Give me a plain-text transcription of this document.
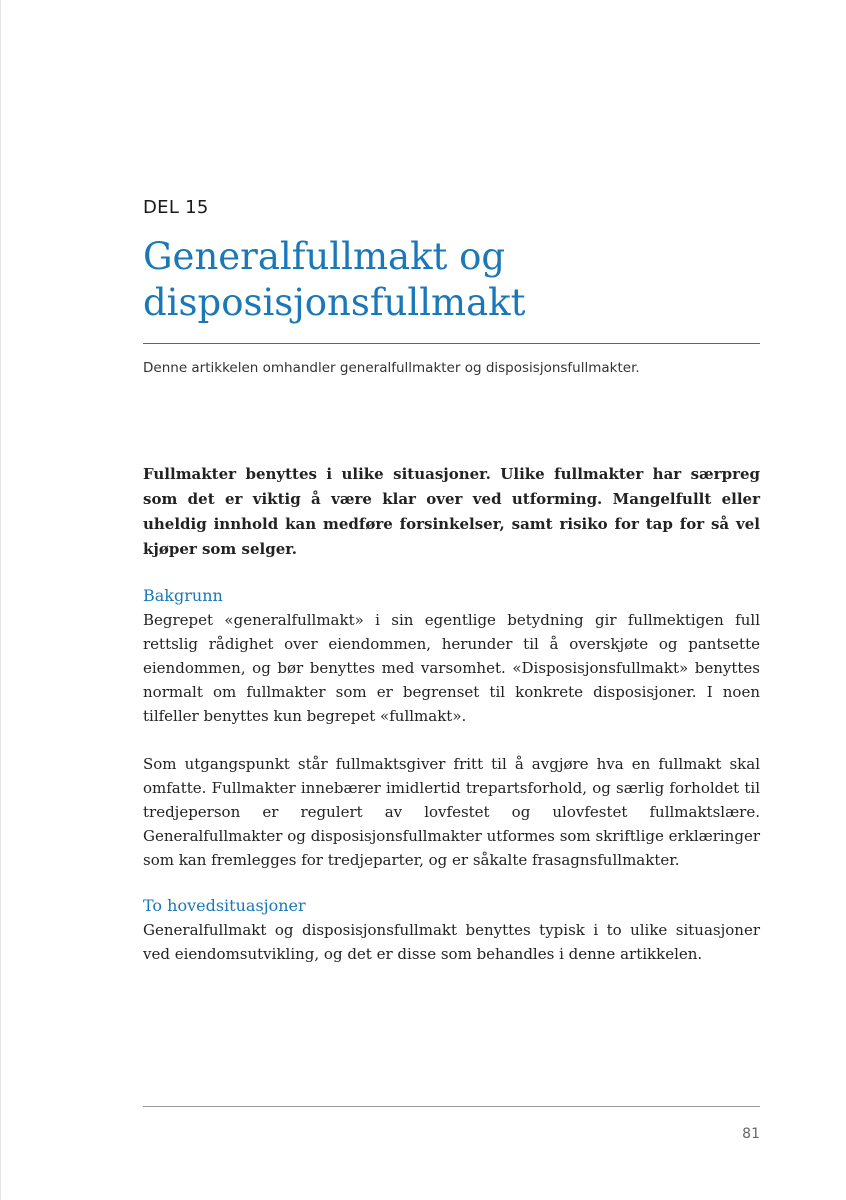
DEL 15
Generalfullmakt og
disposisjonsfullmakt
Denne artikkelen omhandler generalfullmakter og disposisjonsfullmakter.

Fullmakter benyttes i ulike situasjoner. Ulike fullmakter har særpreg som det er viktig å være klar over ved utforming. Mangelfullt eller uheldig innhold kan medføre forsinkelser, samt risiko for tap for så vel kjøper som selger.

Bakgrunn

Begrepet «generalfullmakt» i sin egentlige betydning gir fullmektigen full rettslig rådighet over eiendommen, herunder til å overskjøte og pantsette eiendommen, og bør benyttes med varsomhet. «Disposisjonsfullmakt» benyttes normalt om fullmakter som er begrenset til konkrete disposisjoner. I noen tilfeller benyttes kun begrepet «fullmakt».

Som utgangspunkt står fullmaktsgiver fritt til å avgjøre hva en fullmakt skal omfatte. Fullmakter innebærer imidlertid trepartsforhold, og særlig forholdet til tredjeperson er regulert av lovfestet og ulovfestet fullmaktslære. Generalfullmakter og disposisjonsfullmakter utformes som skriftlige erklæringer som kan fremlegges for tredjeparter, og er såkalte frasagnsfullmakter.

To hovedsituasjoner

Generalfullmakt og disposisjonsfullmakt benyttes typisk i to ulike situasjoner ved eiendomsutvikling, og det er disse som behandles i denne artikkelen.

81
